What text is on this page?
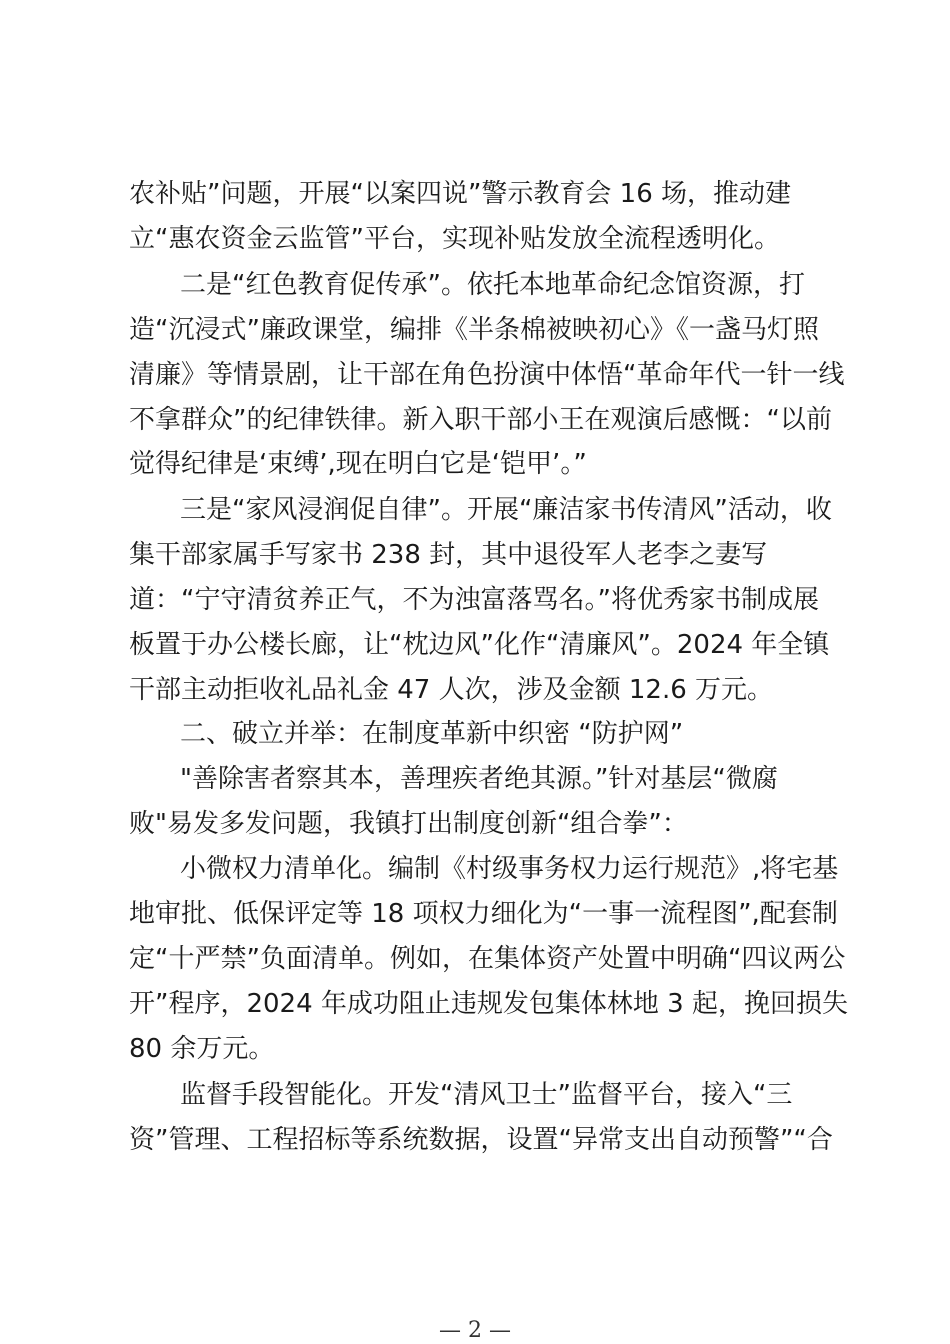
农补贴”问题，开展“以案四说”警示教育会 16 场，推动建
立“惠农资金云监管”平台，实现补贴发放全流程透明化。
二是“红色教育促传承”。依托本地革命纪念馆资源，打
造“沉浸式”廉政课堂，编排《半条棉被映初心》《一盏马灯照
清廉》等情景剧，让干部在角色扮演中体悟“革命年代一针一线
不拿群众”的纪律铁律。新入职干部小王在观演后感慨：“以前
觉得纪律是‘束缚’,现在明白它是‘铠甲’。”
三是“家风浸润促自律”。开展“廉洁家书传清风”活动，收
集干部家属手写家书 238 封，其中退役军人老李之妻写
道：“宁守清贫养正气，不为浊富落骂名。”将优秀家书制成展
板置于办公楼长廊，让“枕边风”化作“清廉风”。2024 年全镇
干部主动拒收礼品礼金 47 人次，涉及金额 12.6 万元。
二、破立并举：在制度革新中织密 “防护网”
"善除害者察其本，善理疾者绝其源。”针对基层“微腐
败"易发多发问题，我镇打出制度创新“组合拳”：
小微权力清单化。编制《村级事务权力运行规范》,将宅基
地审批、低保评定等 18 项权力细化为“一事一流程图”,配套制
定“十严禁”负面清单。例如，在集体资产处置中明确“四议两公
开”程序，2024 年成功阻止违规发包集体林地 3 起，挽回损失
80 余万元。
监督手段智能化。开发“清风卫士”监督平台，接入“三
资”管理、工程招标等系统数据，设置“异常支出自动预警”“合
— 2 —
